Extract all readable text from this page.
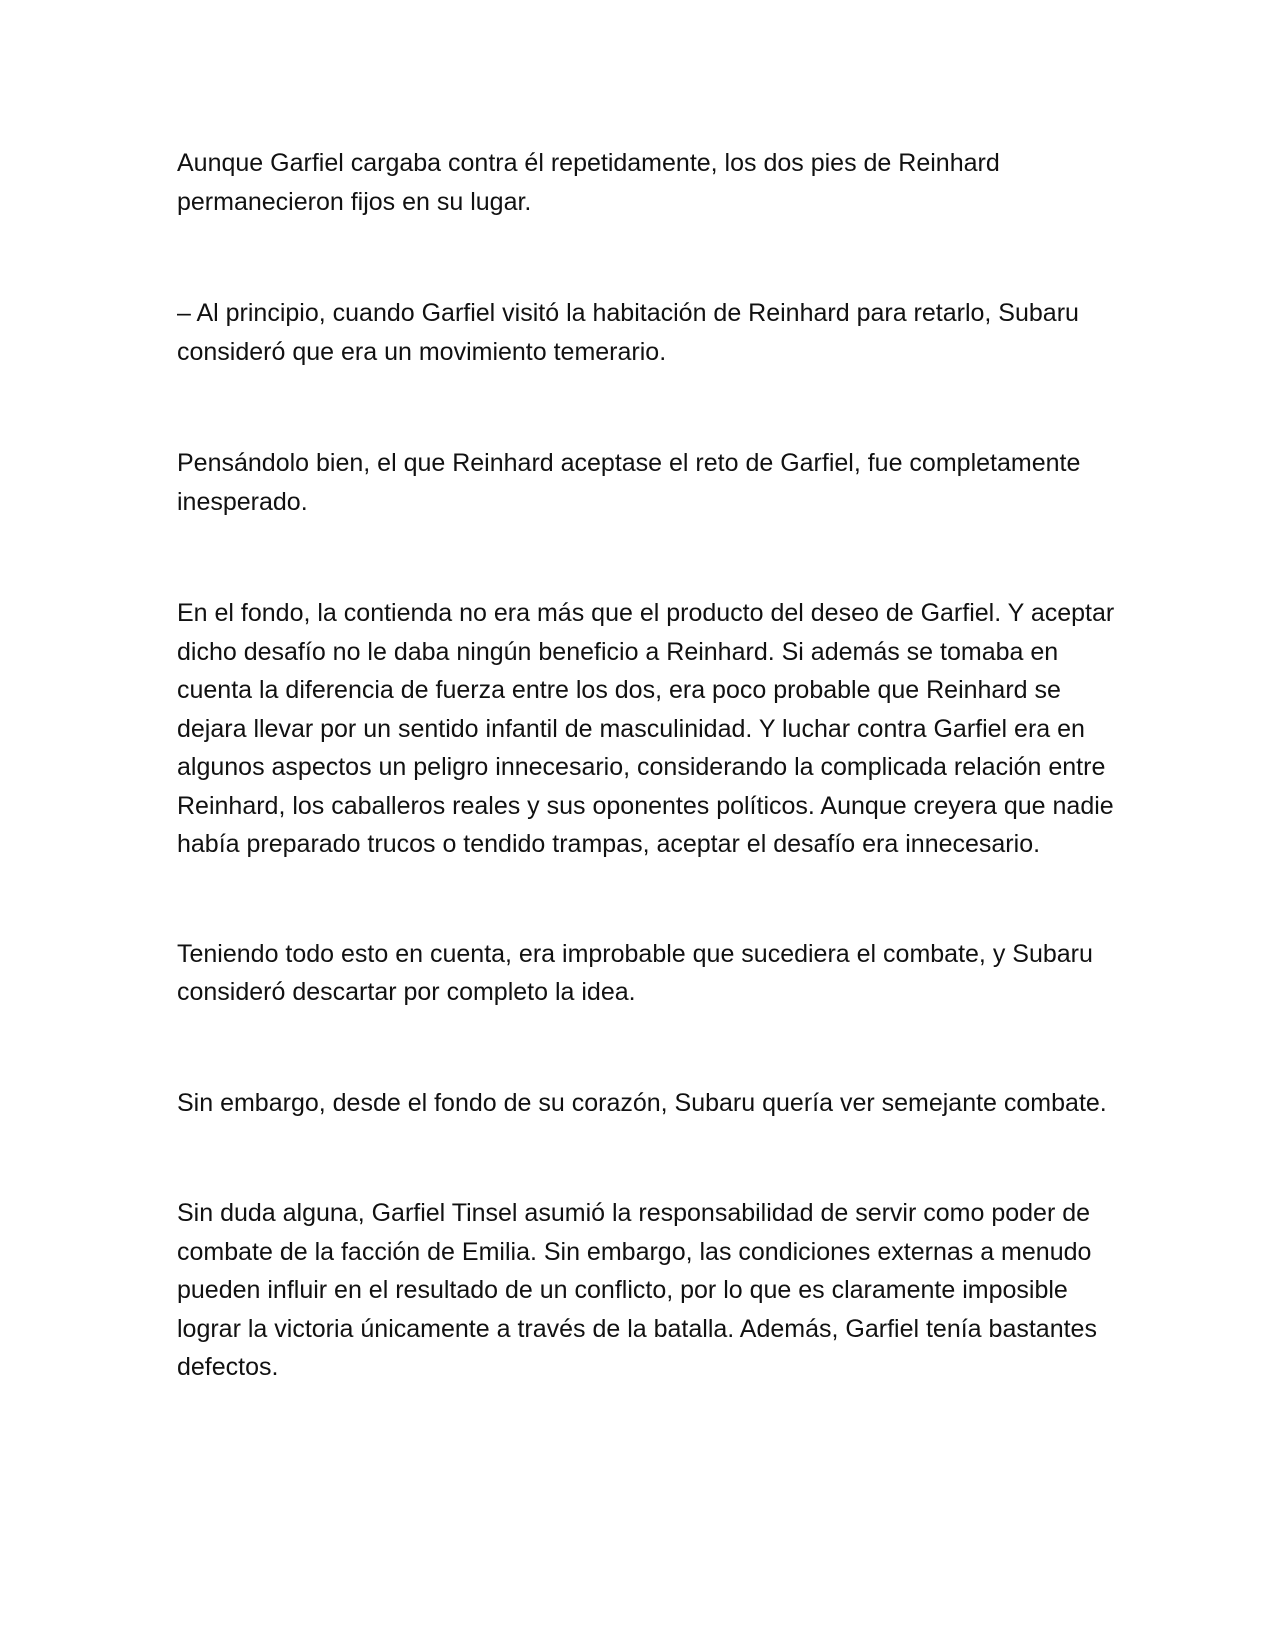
Aunque Garfiel cargaba contra él repetidamente, los dos pies de Reinhard permanecieron fijos en su lugar.

– Al principio, cuando Garfiel visitó la habitación de Reinhard para retarlo, Subaru consideró que era un movimiento temerario.

Pensándolo bien, el que Reinhard aceptase el reto de Garfiel, fue completamente inesperado.

En el fondo, la contienda no era más que el producto del deseo de Garfiel. Y aceptar dicho desafío no le daba ningún beneficio a Reinhard. Si además se tomaba en cuenta la diferencia de fuerza entre los dos, era poco probable que Reinhard se dejara llevar por un sentido infantil de masculinidad. Y luchar contra Garfiel era en algunos aspectos un peligro innecesario, considerando la complicada relación entre Reinhard, los caballeros reales y sus oponentes políticos. Aunque creyera que nadie había preparado trucos o tendido trampas, aceptar el desafío era innecesario.

Teniendo todo esto en cuenta, era improbable que sucediera el combate, y Subaru consideró descartar por completo la idea.

Sin embargo, desde el fondo de su corazón, Subaru quería ver semejante combate.

Sin duda alguna, Garfiel Tinsel asumió la responsabilidad de servir como poder de combate de la facción de Emilia. Sin embargo, las condiciones externas a menudo pueden influir en el resultado de un conflicto, por lo que es claramente imposible lograr la victoria únicamente a través de la batalla. Además, Garfiel tenía bastantes defectos.
